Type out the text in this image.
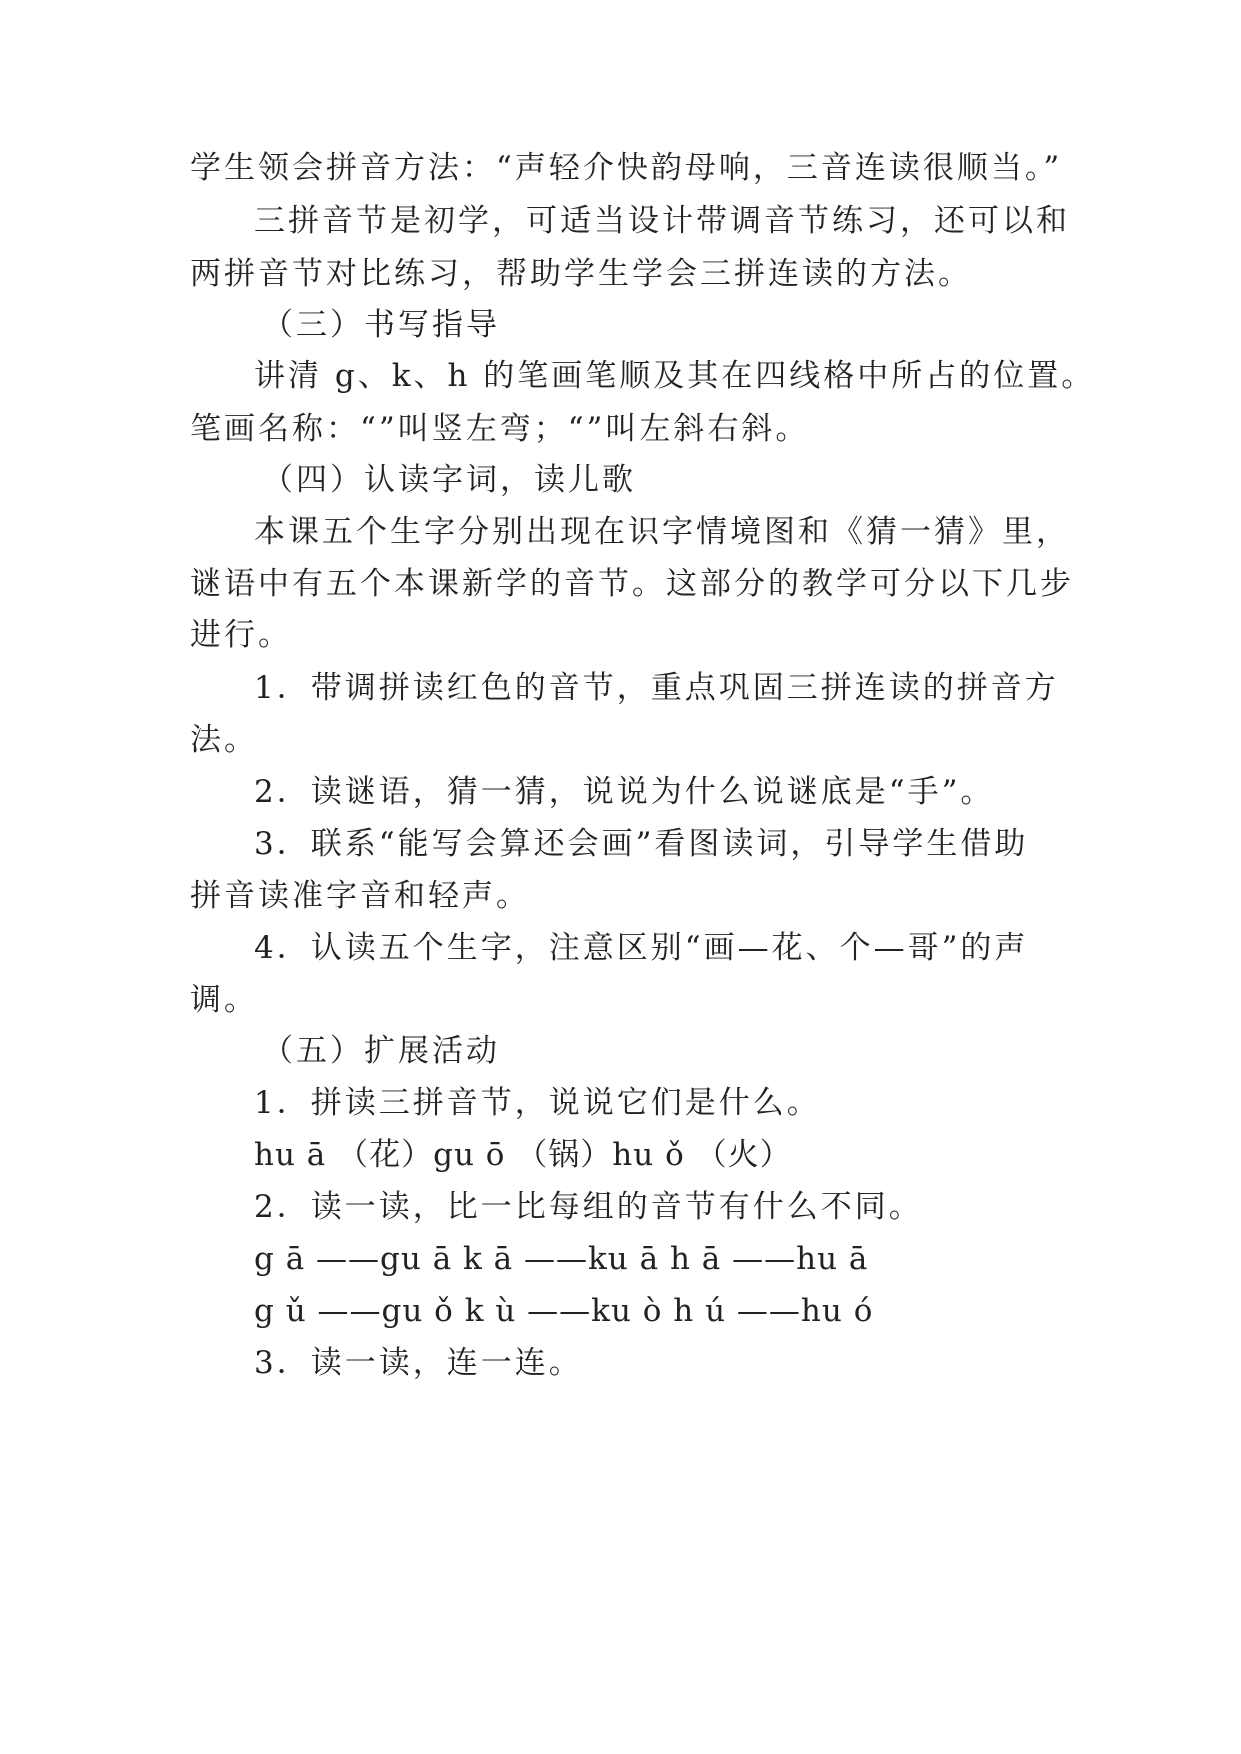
学生领会拼音方法：“声轻介快韵母响，三音连读很顺当。”
三拼音节是初学，可适当设计带调音节练习，还可以和
两拼音节对比练习，帮助学生学会三拼连读的方法。
（三）书写指导
讲清 g、k、h 的笔画笔顺及其在四线格中所占的位置。
笔画名称：“”叫竖左弯；“”叫左斜右斜。
（四）认读字词，读儿歌
本课五个生字分别出现在识字情境图和《猜一猜》里，
谜语中有五个本课新学的音节。这部分的教学可分以下几步
进行。
1．带调拼读红色的音节，重点巩固三拼连读的拼音方
法。
2．读谜语，猜一猜，说说为什么说谜底是“手”。
3．联系“能写会算还会画”看图读词，引导学生借助
拼音读准字音和轻声。
4．认读五个生字，注意区别“画—花、个—哥”的声
调。
（五）扩展活动
1．拼读三拼音节，说说它们是什么。
hu ā （花）gu ō （锅）hu ǒ （火）
2．读一读，比一比每组的音节有什么不同。
g ā ——gu ā k ā ——ku ā h ā ——hu ā
g ǔ ——gu ǒ k ù ——ku ò h ú ——hu ó
3．读一读，连一连。
